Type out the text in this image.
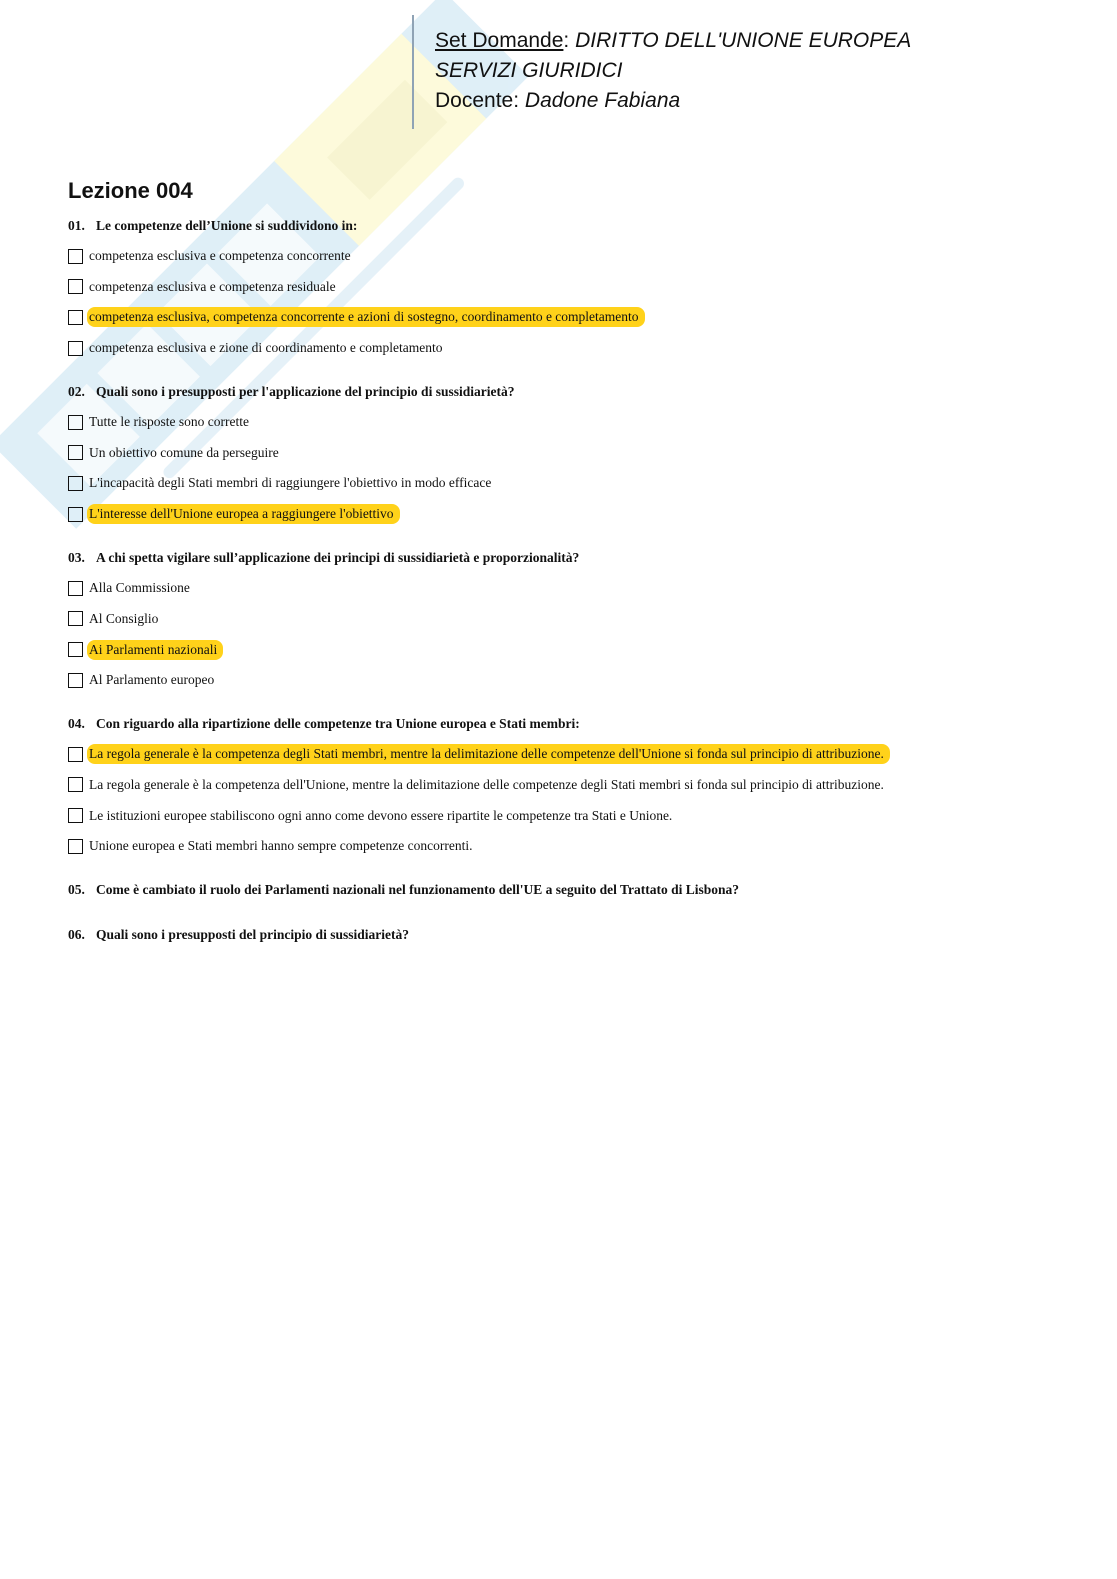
Set Domande: DIRITTO DELL'UNIONE EUROPEA
SERVIZI GIURIDICI
Docente: Dadone Fabiana
Lezione 004
01. Le competenze dell’Unione si suddividono in:
competenza esclusiva e competenza concorrente
competenza esclusiva e competenza residuale
competenza esclusiva, competenza concorrente e azioni di sostegno, coordinamento e completamento
competenza esclusiva e zione di coordinamento e completamento
02. Quali sono i presupposti per l'applicazione del principio di sussidiarietà?
Tutte le risposte sono corrette
Un obiettivo comune da perseguire
L'incapacità degli Stati membri di raggiungere l'obiettivo in modo efficace
L'interesse dell'Unione europea a raggiungere l'obiettivo
03. A chi spetta vigilare sull’applicazione dei principi di sussidiarietà e proporzionalità?
Alla Commissione
Al Consiglio
Ai Parlamenti nazionali
Al Parlamento europeo
04. Con riguardo alla ripartizione delle competenze tra Unione europea e Stati membri:
La regola generale è la competenza degli Stati membri, mentre la delimitazione delle competenze dell'Unione si fonda sul principio di attribuzione.
La regola generale è la competenza dell'Unione, mentre la delimitazione delle competenze degli Stati membri si fonda sul principio di attribuzione.
Le istituzioni europee stabiliscono ogni anno come devono essere ripartite le competenze tra Stati e Unione.
Unione europea e Stati membri hanno sempre competenze concorrenti.
05. Come è cambiato il ruolo dei Parlamenti nazionali nel funzionamento dell'UE a seguito del Trattato di Lisbona?
06. Quali sono i presupposti del principio di sussidiarietà?
